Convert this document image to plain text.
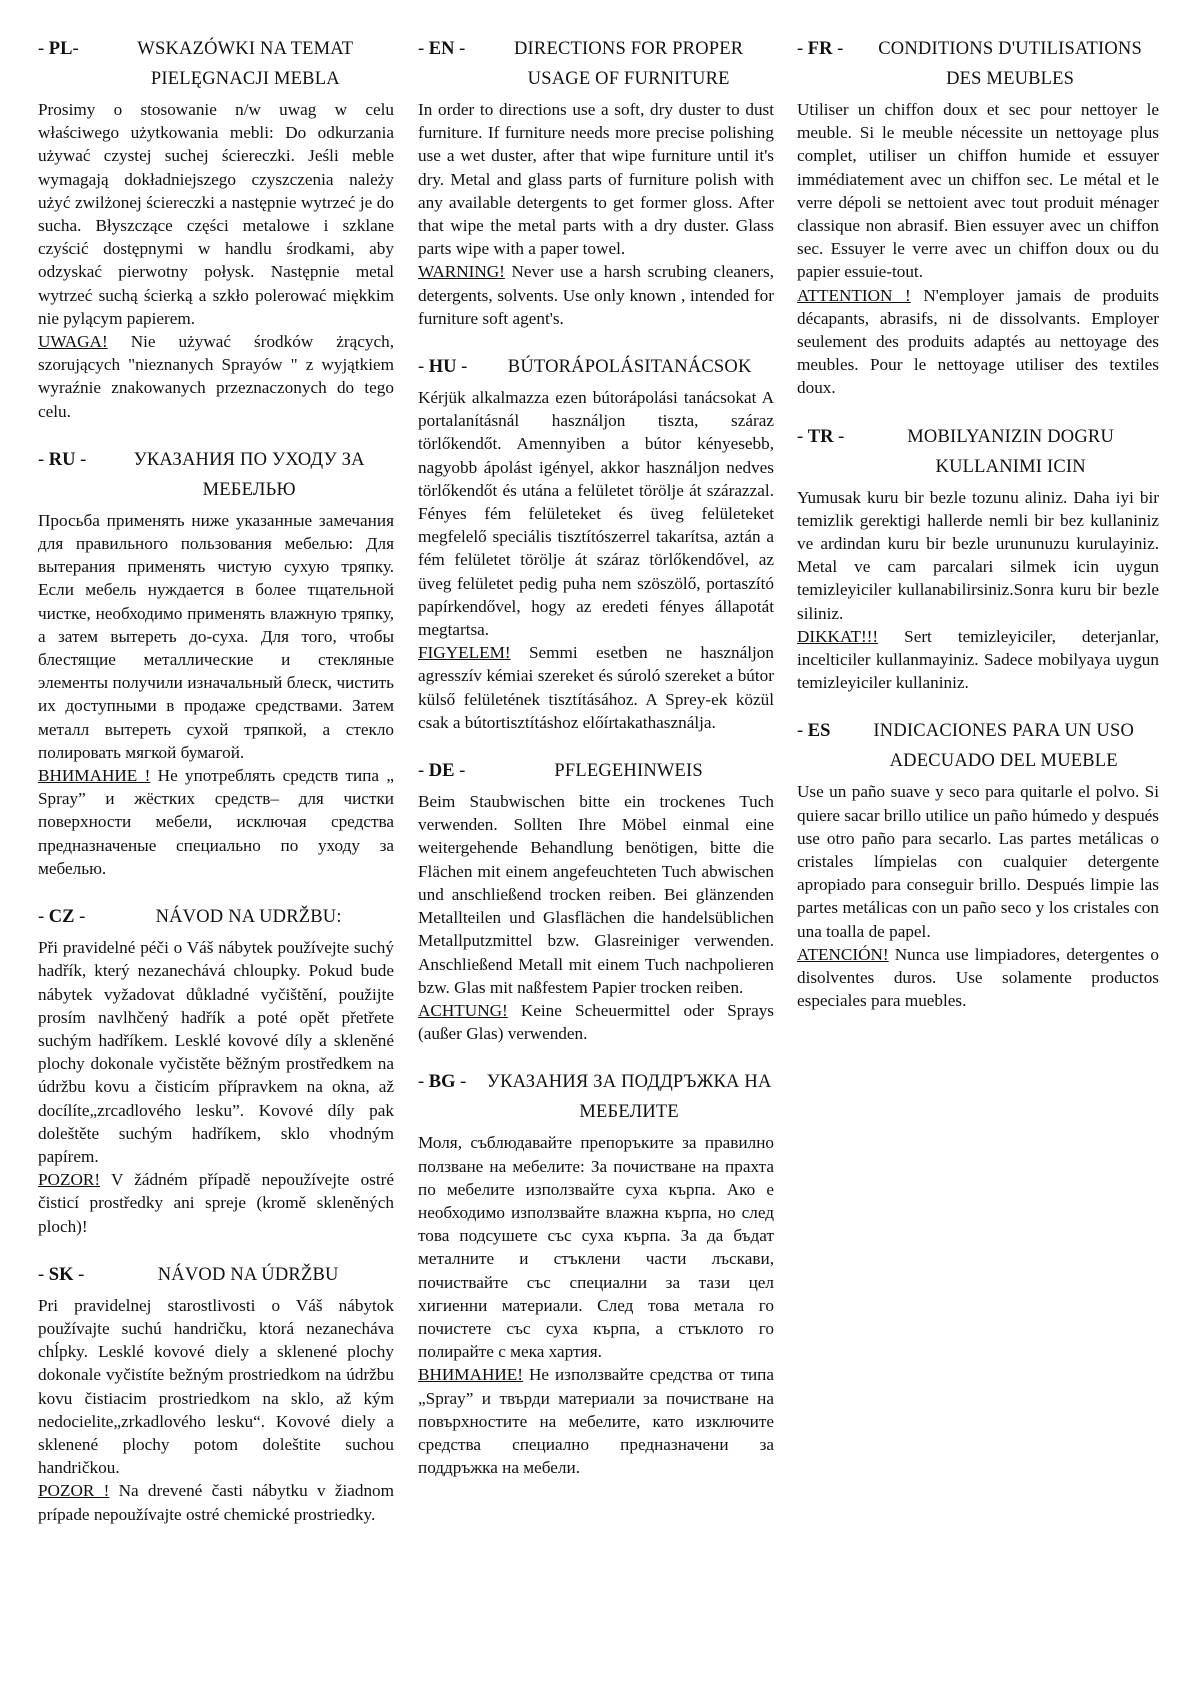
- PL-	WSKAZÓWKI NA TEMAT PIELĘGNACJI MEBLA

Prosimy o stosowanie n/w uwag w celu właściwego użytkowania mebli: Do odkurzania używać czystej suchej ściereczki. Jeśli meble wymagają dokładniejszego czyszczenia należy użyć zwilżonej ściereczki a następnie wytrzeć je do sucha. Błyszczące części metalowe i szklane czyścić dostępnymi w handlu środkami, aby odzyskać pierwotny połysk. Następnie metal wytrzeć suchą ścierką a szkło polerować miękkim nie pylącym papierem.

UWAGA! Nie używać środków żrących, szorujących "nieznanych Sprayów " z wyjątkiem wyraźnie znakowanych przeznaczonych do tego celu.

- RU -	УКАЗАНИЯ ПО УХОДУ ЗА МЕБЕЛЬЮ

Просьба применять ниже указанные замечания для правильного пользования мебелью: Для вытерания применять чистую сухую тряпку. Если мебель нуждается в более тщательной чистке, необходимо применять влажную тряпку, а затем вытереть до-суха. Для того, чтобы блестящие металлические и стекляные элементы получили изначальный блеск, чистить их доступными в продаже средствами. Затем металл вытереть сухой тряпкой, а стекло полировать мягкой бумагой.

ВНИМАНИЕ ! Не употреблять средств типа „ Spray” и жёстких средств– для чистки поверхности мебели, исключая средства предназначеные специально по уходу за мебелью.

- CZ -	NÁVOD NA UDRŽBU:

Při pravidelné péči o Váš nábytek používejte suchý hadřík, který nezanechává chloupky. Pokud bude nábytek vyžadovat důkladné vyčištění, použijte prosím navlhčený hadřík a poté opět přetřete suchým hadříkem. Lesklé kovové díly a skleněné plochy dokonale vyčistěte běžným prostředkem na údržbu kovu a čisticím přípravkem na okna, až docílíte„zrcadlového lesku”. Kovové díly pak doleštěte suchým hadříkem, sklo vhodným papírem.

POZOR! V žádném případě nepoužívejte ostré čisticí prostředky ani spreje (kromě skleněných ploch)!

- SK -	NÁVOD NA ÚDRŽBU

Pri pravidelnej starostlivosti o Váš nábytok používajte suchú handričku, ktorá nezanecháva chĺpky. Lesklé kovové diely a sklenené plochy dokonale vyčistíte bežným prostriedkom na údržbu kovu čistiacim prostriedkom na sklo, až kým nedocielite„zrkadlového lesku“. Kovové diely a sklenené plochy potom doleštite suchou handričkou.

POZOR ! Na drevené časti nábytku v žiadnom prípade nepoužívajte ostré chemické prostriedky.

- EN -	DIRECTIONS FOR PROPER USAGE OF FURNITURE

In order to directions use a soft, dry duster to dust furniture. If furniture needs more precise polishing use a wet duster, after that wipe furniture until it's dry. Metal and glass parts of furniture polish with any available detergents to get former gloss. After that wipe the metal parts with a dry duster. Glass parts wipe with a paper towel.

WARNING! Never use a harsh scrubing cleaners, detergents, solvents. Use only known , intended for furniture soft agent's.

- HU -	BÚTORÁPOLÁSITANÁCSOK

Kérjük alkalmazza ezen bútorápolási tanácsokat A portalanításnál használjon tiszta, száraz törlőkendőt. Amennyiben a bútor kényesebb, nagyobb ápolást igényel, akkor használjon nedves törlőkendőt és utána a felületet törölje át szárazzal. Fényes fém felületeket és üveg felületeket megfelelő speciális tisztítószerrel takarítsa, aztán a fém felületet törölje át száraz törlőkendővel, az üveg felületet pedig puha nem szöszölő, portaszító papírkendővel, hogy az eredeti fényes állapotát megtartsa.

FIGYELEM! Semmi esetben ne használjon agresszív kémiai szereket és súroló szereket a bútor külső felületének tisztításához. A Sprey-ek közül csak a bútortisztításhoz előírtakathasználja.

- DE -	PFLEGEHINWEIS

Beim Staubwischen bitte ein trockenes Tuch verwenden. Sollten Ihre Möbel einmal eine weitergehende Behandlung benötigen, bitte die Flächen mit einem angefeuchteten Tuch abwischen und anschließend trocken reiben. Bei glänzenden Metallteilen und Glasflächen die handelsüblichen Metallputzmittel bzw. Glasreiniger verwenden. Anschließend Metall mit einem Tuch nachpolieren bzw. Glas mit naßfestem Papier trocken reiben.

ACHTUNG! Keine Scheuermittel oder Sprays (außer Glas) verwenden.

- BG - УКАЗАНИЯ ЗА ПОДДРЪЖКА НА МЕБЕЛИТЕ

Моля, съблюдавайте препоръките за правилно ползване на мебелите: За почистване на прахта по мебелите използвайте суха кърпа. Ако е необходимо използвайте влажна кърпа, но след това подсушете със суха кърпа. За да бъдат металните и стъклени части лъскави, почиствайте със специални за тази цел хигиенни материали. След това метала го почистете със суха кърпа, а стъклото го полирайте с мека хартия.

ВНИМАНИЕ! Не използвайте средства от типа „Spray” и твърди материали за почистване на повърхностите на мебелите, като изключите средства специално предназначени за поддръжка на мебели.

- FR -	CONDITIONS D'UTILISATIONS DES MEUBLES

Utiliser un chiffon doux et sec pour nettoyer le meuble. Si le meuble nécessite un nettoyage plus complet, utiliser un chiffon humide et essuyer immédiatement avec un chiffon sec. Le métal et le verre dépoli se nettoient avec tout produit ménager classique non abrasif. Bien essuyer avec un chiffon sec. Essuyer le verre avec un chiffon doux ou du papier essuie-tout.

ATTENTION ! N'employer jamais de produits décapants, abrasifs, ni de dissolvants. Employer seulement des produits adaptés au nettoyage des meubles. Pour le nettoyage utiliser des textiles doux.

- TR -	MOBILYANIZIN DOGRU KULLANIMI ICIN

Yumusak kuru bir bezle tozunu aliniz. Daha iyi bir temizlik gerektigi hallerde nemli bir bez kullaniniz ve ardindan kuru bir bezle urununuzu kurulayiniz. Metal ve cam parcalari silmek icin uygun temizleyiciler kullanabilirsiniz.Sonra kuru bir bezle siliniz.

DIKKAT!!! Sert temizleyiciler, deterjanlar, incelticiler kullanmayiniz. Sadece mobilyaya uygun temizleyiciler kullaniniz.

- ES	INDICACIONES PARA UN USO ADECUADO DEL MUEBLE

Use un paño suave y seco para quitarle el polvo. Si quiere sacar brillo utilice un paño húmedo y después use otro paño para secarlo. Las partes metálicas o cristales límpielas con cualquier detergente apropiado para conseguir brillo. Después limpie las partes metálicas con un paño seco y los cristales con una toalla de papel.

ATENCIÓN! Nunca use limpiadores, detergentes o disolventes duros. Use solamente productos especiales para muebles.
